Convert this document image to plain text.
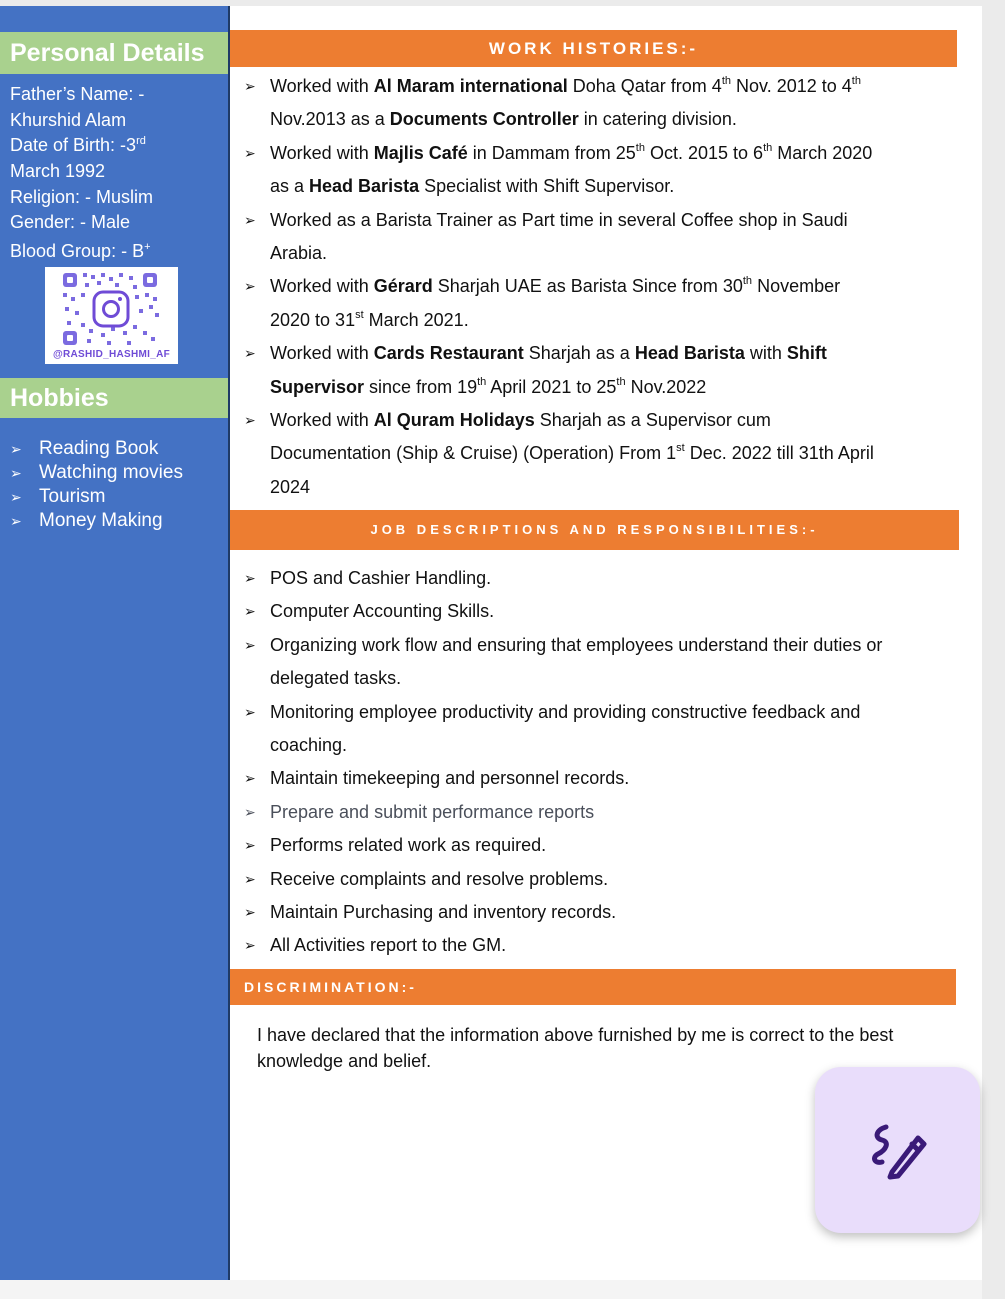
Personal Details
Father’s Name: -
Khurshid Alam
Date of Birth: -3rd
March 1992
Religion: - Muslim
Gender: - Male
Blood Group: - B+
@RASHID_HASHMI_AF
Hobbies
➢ Reading Book
➢ Watching movies
➢ Tourism
➢ Money Making
WORK HISTORIES:-
➢ Worked with Al Maram international Doha Qatar from 4th Nov. 2012 to 4th
Nov.2013 as a Documents Controller in catering division.
➢ Worked with Majlis Café in Dammam from 25th Oct. 2015 to 6th March 2020
as a Head Barista Specialist with Shift Supervisor.
➢ Worked as a Barista Trainer as Part time in several Coffee shop in Saudi
Arabia.
➢ Worked with Gérard Sharjah UAE as Barista Since from 30th November
2020 to 31st March 2021.
➢ Worked with Cards Restaurant Sharjah as a Head Barista with Shift
Supervisor since from 19th April 2021 to 25th Nov.2022
➢ Worked with Al Quram Holidays Sharjah as a Supervisor cum
Documentation (Ship & Cruise) (Operation) From 1st Dec. 2022 till 31th April
2024
JOB DESCRIPTIONS AND RESPONSIBILITIES:-
➢ POS and Cashier Handling.
➢ Computer Accounting Skills.
➢ Organizing work flow and ensuring that employees understand their duties or
delegated tasks.
➢ Monitoring employee productivity and providing constructive feedback and
coaching.
➢ Maintain timekeeping and personnel records.
➢ Prepare and submit performance reports
➢ Performs related work as required.
➢ Receive complaints and resolve problems.
➢ Maintain Purchasing and inventory records.
➢ All Activities report to the GM.
DISCRIMINATION:-
I have declared that the information above furnished by me is correct to the best knowledge and belief.
